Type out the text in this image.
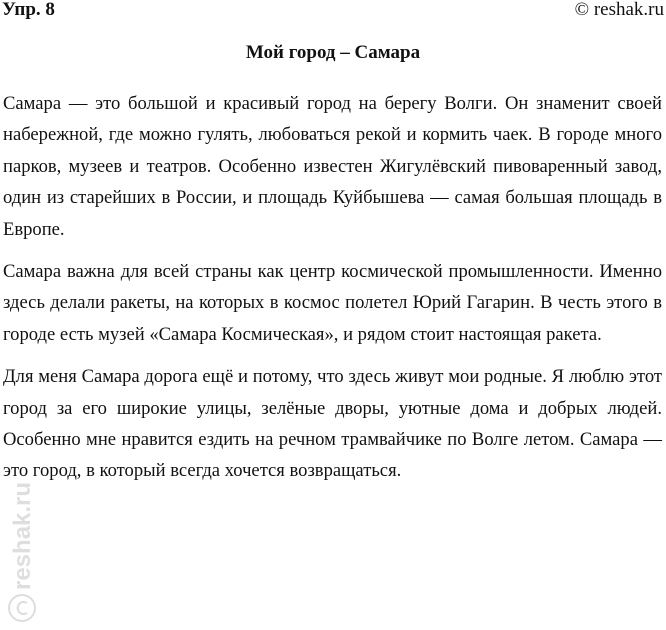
Упр. 8	© reshak.ru
Мой город – Самара

Самара — это большой и красивый город на берегу Волги. Он знаменит своей набережной, где можно гулять, любоваться рекой и кормить чаек. В городе много парков, музеев и театров. Особенно известен Жигулёвский пивоваренный завод, один из старейших в России, и площадь Куйбышева — самая большая площадь в Европе.

Самара важна для всей страны как центр космической промышленности. Именно здесь делали ракеты, на которых в космос полетел Юрий Гагарин. В честь этого в городе есть музей «Самара Космическая», и рядом стоит настоящая ракета.

Для меня Самара дорога ещё и потому, что здесь живут мои родные. Я люблю этот город за его широкие улицы, зелёные дворы, уютные дома и добрых людей. Особенно мне нравится ездить на речном трамвайчике по Волге летом. Самара — это город, в который всегда хочется возвращаться.

reshak.ru
